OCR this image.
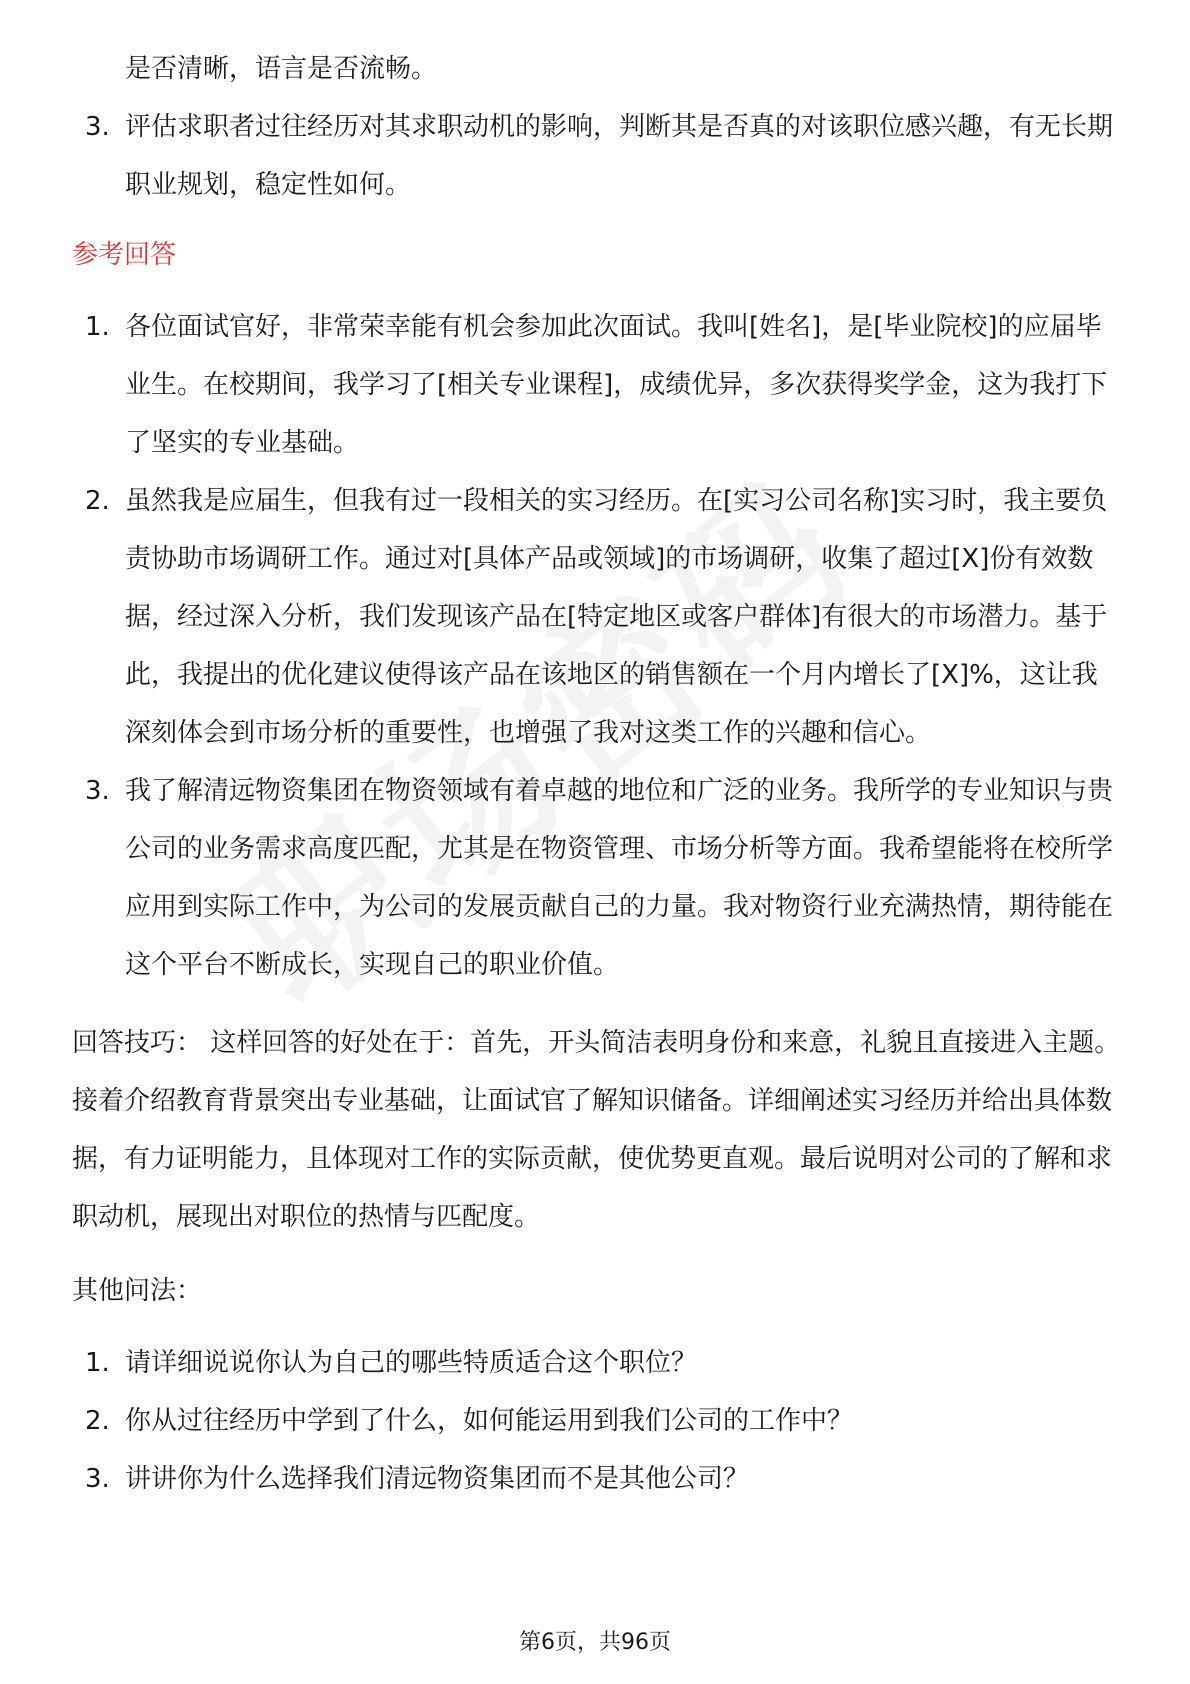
是否清晰，语言是否流畅。
3. 评估求职者过往经历对其求职动机的影响，判断其是否真的对该职位感兴趣，有无长期职业规划，稳定性如何。
参考回答
1. 各位面试官好，非常荣幸能有机会参加此次面试。我叫[姓名]，是[毕业院校]的应届毕业生。在校期间，我学习了[相关专业课程]，成绩优异，多次获得奖学金，这为我打下了坚实的专业基础。
2. 虽然我是应届生，但我有过一段相关的实习经历。在[实习公司名称]实习时，我主要负责协助市场调研工作。通过对[具体产品或领域]的市场调研，收集了超过[X]份有效数据，经过深入分析，我们发现该产品在[特定地区或客户群体]有很大的市场潜力。基于此，我提出的优化建议使得该产品在该地区的销售额在一个月内增长了[X]%，这让我深刻体会到市场分析的重要性，也增强了我对这类工作的兴趣和信心。
3. 我了解清远物资集团在物资领域有着卓越的地位和广泛的业务。我所学的专业知识与贵公司的业务需求高度匹配，尤其是在物资管理、市场分析等方面。我希望能将在校所学应用到实际工作中，为公司的发展贡献自己的力量。我对物资行业充满热情，期待能在这个平台不断成长，实现自己的职业价值。
回答技巧： 这样回答的好处在于：首先，开头简洁表明身份和来意，礼貌且直接进入主题。接着介绍教育背景突出专业基础，让面试官了解知识储备。详细阐述实习经历并给出具体数据，有力证明能力，且体现对工作的实际贡献，使优势更直观。最后说明对公司的了解和求职动机，展现出对职位的热情与匹配度。
其他问法：
1. 请详细说说你认为自己的哪些特质适合这个职位？
2. 你从过往经历中学到了什么，如何能运用到我们公司的工作中？
3. 讲讲你为什么选择我们清远物资集团而不是其他公司？
第6页，共96页
